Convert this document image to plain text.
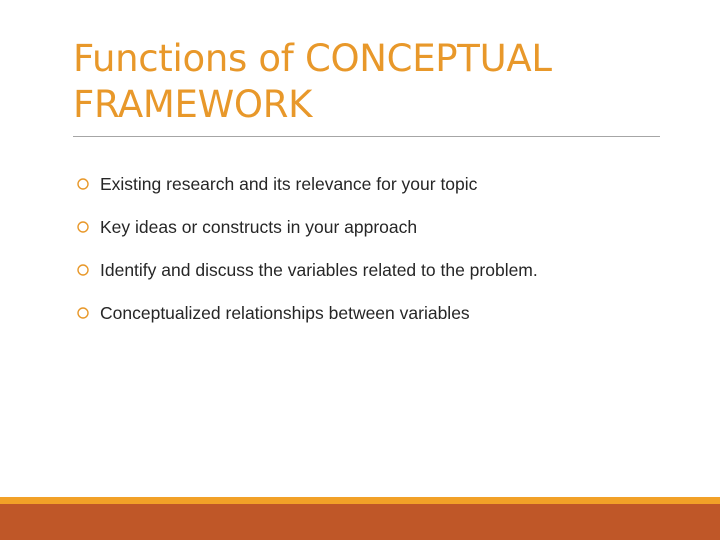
Functions of CONCEPTUAL
FRAMEWORK
Existing research and its relevance for your topic
Key ideas or constructs in your approach
Identify and discuss the variables related to the problem.
Conceptualized relationships between variables
